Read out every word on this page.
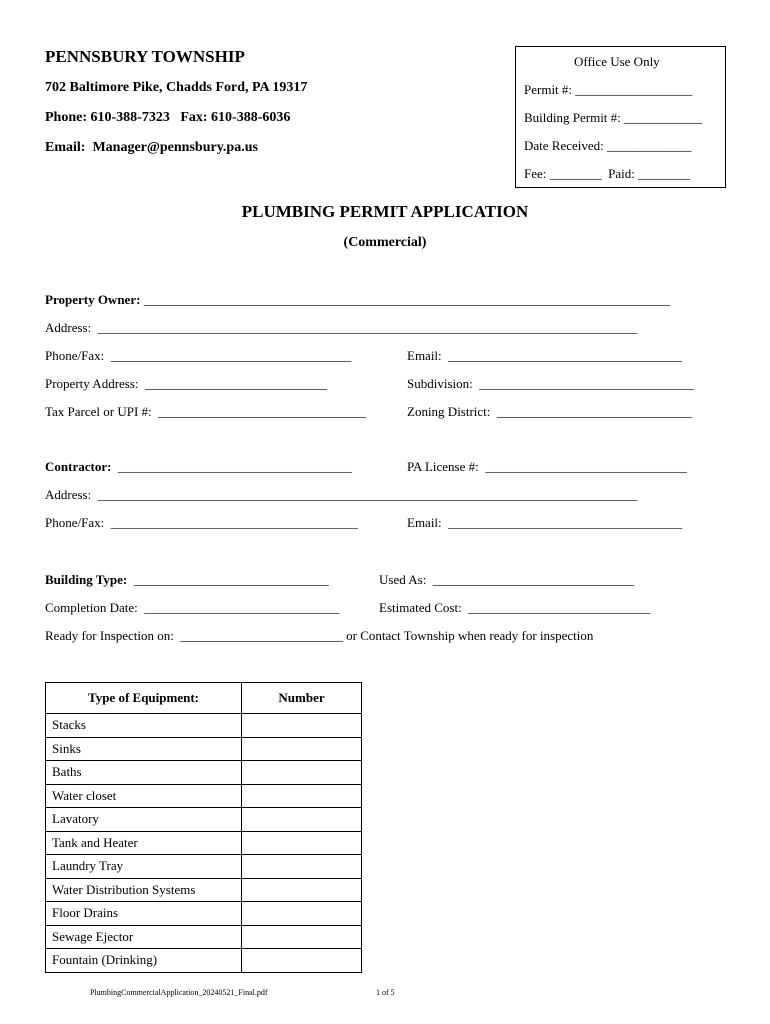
PENNSBURY TOWNSHIP
702 Baltimore Pike, Chadds Ford, PA 19317
Phone: 610-388-7323   Fax: 610-388-6036
Email:  Manager@pennsbury.pa.us
Office Use Only
Permit #: __________________
Building Permit #: ____________
Date Received: _____________
Fee: ________  Paid: ________
PLUMBING PERMIT APPLICATION
(Commercial)
Property Owner: _________________________________________________________________________________
Address:  ___________________________________________________________________________________
Phone/Fax:  _____________________________________	Email:  ____________________________________
Property Address:  ____________________________	Subdivision:  _________________________________
Tax Parcel or UPI #:  ________________________________	Zoning District:  ______________________________
Contractor: ____________________________________	PA License #:  _______________________________
Address:  ___________________________________________________________________________________
Phone/Fax:  ______________________________________	Email:  ____________________________________
Building Type: ______________________________	Used As:  _______________________________
Completion Date:  ______________________________	Estimated Cost:  ____________________________
Ready for Inspection on:  _________________________ or Contact Township when ready for inspection
Type of Equipment:	Number
Stacks	
Sinks	
Baths	
Water closet	
Lavatory	
Tank and Heater	
Laundry Tray	
Water Distribution Systems	
Floor Drains	
Sewage Ejector	
Fountain (Drinking)	
PlumbingCommercialApplication_20240521_Final.pdf	1 of 5
